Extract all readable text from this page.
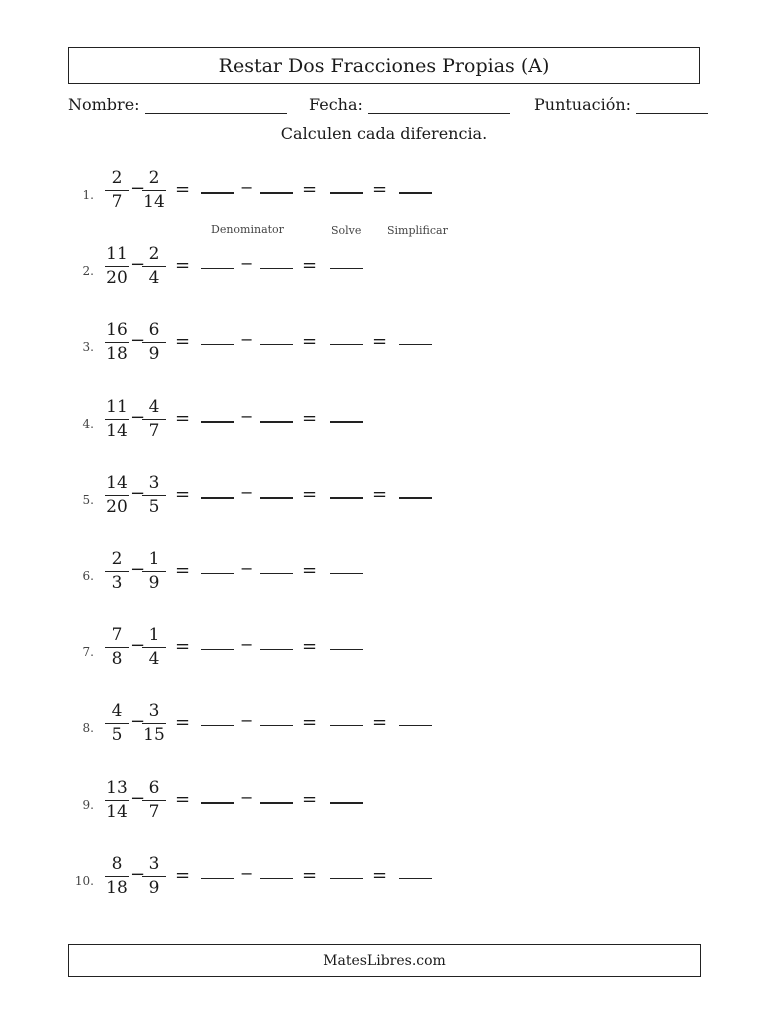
Restar Dos Fracciones Propias (A)
Nombre:	Fecha:	Puntuación:
Calculen cada diferencia.
1.
2
7
− 2
14
=	−	=	=
Denominator	Solve Simplificar
2.
11
20
− 2
4
=	−	=
3.
16
18
− 6
9
=	−	=	=
4.
11
14
− 4
7
=	−	=
5.
14
20
− 3
5
=	−	=	=
6.
2
3
− 1
9
=	−	=
7.
7
8
− 1
4
=	−	=
8.
4
5
− 3
15
=	−	=	=
9.
13
14
− 6
7
=	−	=
10.
8
18
− 3
9
=	−	=	=
MatesLibres.com
